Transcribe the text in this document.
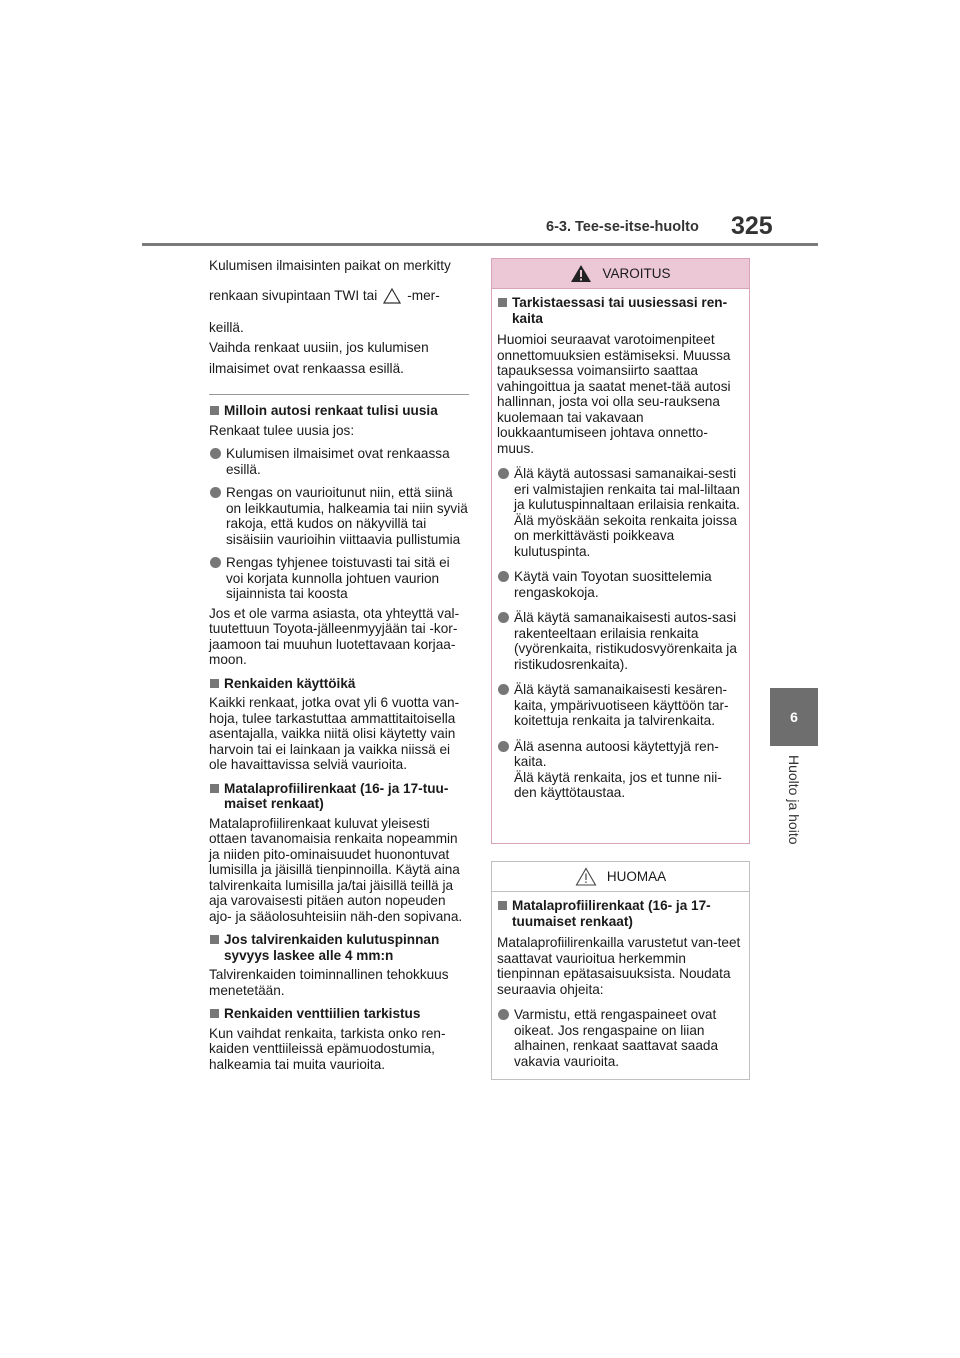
6-3. Tee-se-itse-huolto 325
6
Huolto ja hoito

Kulumisen ilmaisinten paikat on merkitty

renkaan sivupintaan TWI tai -mer-

keillä.

Vaihda renkaat uusiin, jos kulumisen

ilmaisimet ovat renkaassa esillä.

Milloin autosi renkaat tulisi uusia
Renkaat tulee uusia jos:
Kulumisen ilmaisimet ovat renkaassa esillä.
Rengas on vaurioitunut niin, että siinä on leikkautumia, halkeamia tai niin syviä rakoja, että kudos on näkyvillä tai sisäisiin vaurioihin viittaavia pullistumia
Rengas tyhjenee toistuvasti tai sitä ei voi korjata kunnolla johtuen vaurion sijainnista tai koosta
Jos et ole varma asiasta, ota yhteyttä val-tuutettuun Toyota-jälleenmyyjään tai -kor-jaamoon tai muuhun luotettavaan korjaa-moon.
Renkaiden käyttöikä
Kaikki renkaat, jotka ovat yli 6 vuotta van-hoja, tulee tarkastuttaa ammattitaitoisella asentajalla, vaikka niitä olisi käytetty vain harvoin tai ei lainkaan ja vaikka niissä ei ole havaittavissa selviä vaurioita.
Matalaprofiilirenkaat (16- ja 17-tuu-maiset renkaat)
Matalaprofiilirenkaat kuluvat yleisesti ottaen tavanomaisia renkaita nopeammin ja niiden pito-ominaisuudet huonontuvat lumisilla ja jäisillä tienpinnoilla. Käytä aina talvirenkaita lumisilla ja/tai jäisillä teillä ja aja varovaisesti pitäen auton nopeuden ajo- ja sääolosuhteisiin näh-den sopivana.
Jos talvirenkaiden kulutuspinnan syvyys laskee alle 4 mm:n
Talvirenkaiden toiminnallinen tehokkuus menetetään.
Renkaiden venttiilien tarkistus
Kun vaihdat renkaita, tarkista onko ren-kaiden venttiileissä epämuodostumia, halkeamia tai muita vaurioita.
VAROITUS
Tarkistaessasi tai uusiessasi ren-kaita
Huomioi seuraavat varotoimenpiteet onnettomuuksien estämiseksi. Muussa tapauksessa voimansiirto saattaa vahingoittua ja saatat menet-tää autosi hallinnan, josta voi olla seu-rauksena kuolemaan tai vakavaan loukkaantumiseen johtava onnetto-muus.
Älä käytä autossasi samanaikai-sesti eri valmistajien renkaita tai mal-liltaan ja kulutuspinnaltaan erilaisia renkaita.
Älä myöskään sekoita renkaita joissa on merkittävästi poikkeava kulutuspinta.
Käytä vain Toyotan suosittelemia rengaskokoja.
Älä käytä samanaikaisesti autos-sasi rakenteeltaan erilaisia renkaita (vyörenkaita, ristikudosvyörenkaita ja ristikudosrenkaita).
Älä käytä samanaikaisesti kesären-kaita, ympärivuotiseen käyttöön tar-koitettuja renkaita ja talvirenkaita.
Älä asenna autoosi käytettyjä ren-kaita.
Älä käytä renkaita, jos et tunne nii-den käyttötaustaa.
HUOMAA
Matalaprofiilirenkaat (16- ja 17-tuumaiset renkaat)
Matalaprofiilirenkailla varustetut van-teet saattavat vaurioitua herkemmin tienpinnan epätasaisuuksista. Noudata seuraavia ohjeita:
Varmistu, että rengaspaineet ovat oikeat. Jos rengaspaine on liian alhainen, renkaat saattavat saada vakavia vaurioita.
